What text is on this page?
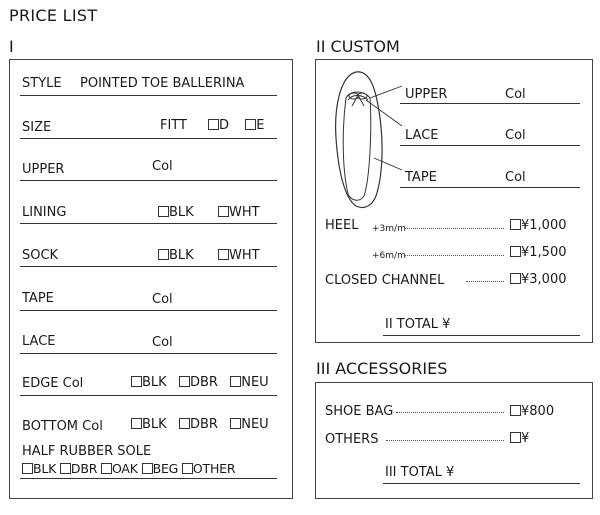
PRICE LIST
I
STYLE POINTED TOE BALLERINA
SIZE	FITT	D E
UPPER	Col
LINING	BLK	WHT
SOCK	BLK	WHT
TAPE	Col
LACE	Col
EDGE Col	BLK DBR NEU
BOTTOM Col	BLK DBR NEU
HALF RUBBER SOLE
BLK DBR OAK BEG OTHER
II CUSTOM
UPPER	Col
LACE	Col
TAPE	Col
HEEL +3m/m	¥1,000
+6m/m	¥1,500
CLOSED CHANNEL	¥3,000
II TOTAL ¥
III ACCESSORIES
SHOE BAG	¥800
OTHERS	¥
III TOTAL ¥
